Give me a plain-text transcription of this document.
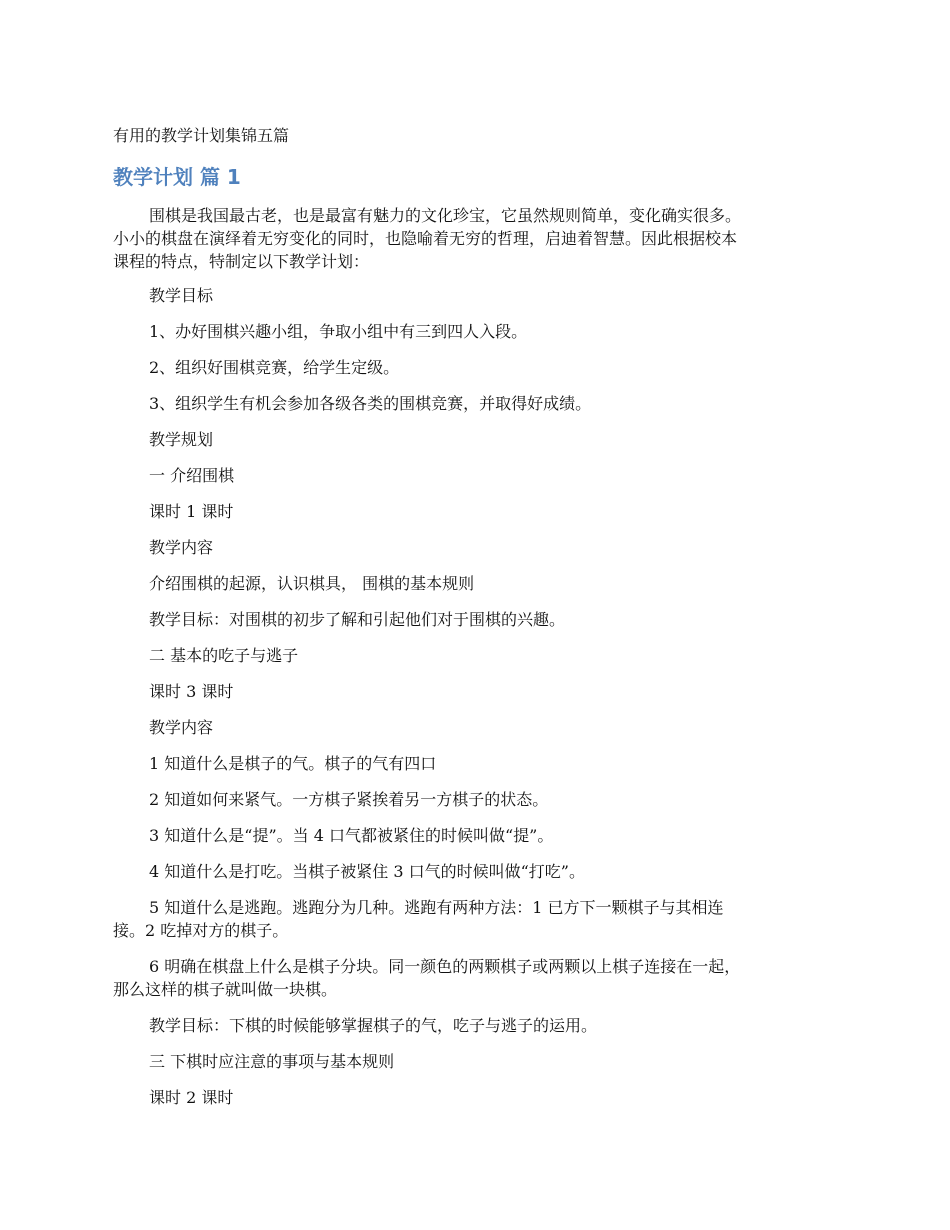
有用的教学计划集锦五篇
教学计划 篇 1

围棋是我国最古老，也是最富有魅力的文化珍宝，它虽然规则简单，变化确实很多。

小小的棋盘在演绎着无穷变化的同时，也隐喻着无穷的哲理，启迪着智慧。因此根据校本

课程的特点，特制定以下教学计划：

教学目标

1、办好围棋兴趣小组，争取小组中有三到四人入段。

2、组织好围棋竞赛，给学生定级。

3、组织学生有机会参加各级各类的围棋竞赛，并取得好成绩。

教学规划

一 介绍围棋

课时 1 课时

教学内容

介绍围棋的起源，认识棋具， 围棋的基本规则

教学目标：对围棋的初步了解和引起他们对于围棋的兴趣。

二 基本的吃子与逃子

课时 3 课时

教学内容

1 知道什么是棋子的气。棋子的气有四口

2 知道如何来紧气。一方棋子紧挨着另一方棋子的状态。

3 知道什么是“提”。当 4 口气都被紧住的时候叫做“提”。

4 知道什么是打吃。当棋子被紧住 3 口气的时候叫做“打吃”。

5 知道什么是逃跑。逃跑分为几种。逃跑有两种方法：1 已方下一颗棋子与其相连
接。2 吃掉对方的棋子。

6 明确在棋盘上什么是棋子分块。同一颜色的两颗棋子或两颗以上棋子连接在一起，
那么这样的棋子就叫做一块棋。

教学目标：下棋的时候能够掌握棋子的气，吃子与逃子的运用。

三 下棋时应注意的事项与基本规则

课时 2 课时
